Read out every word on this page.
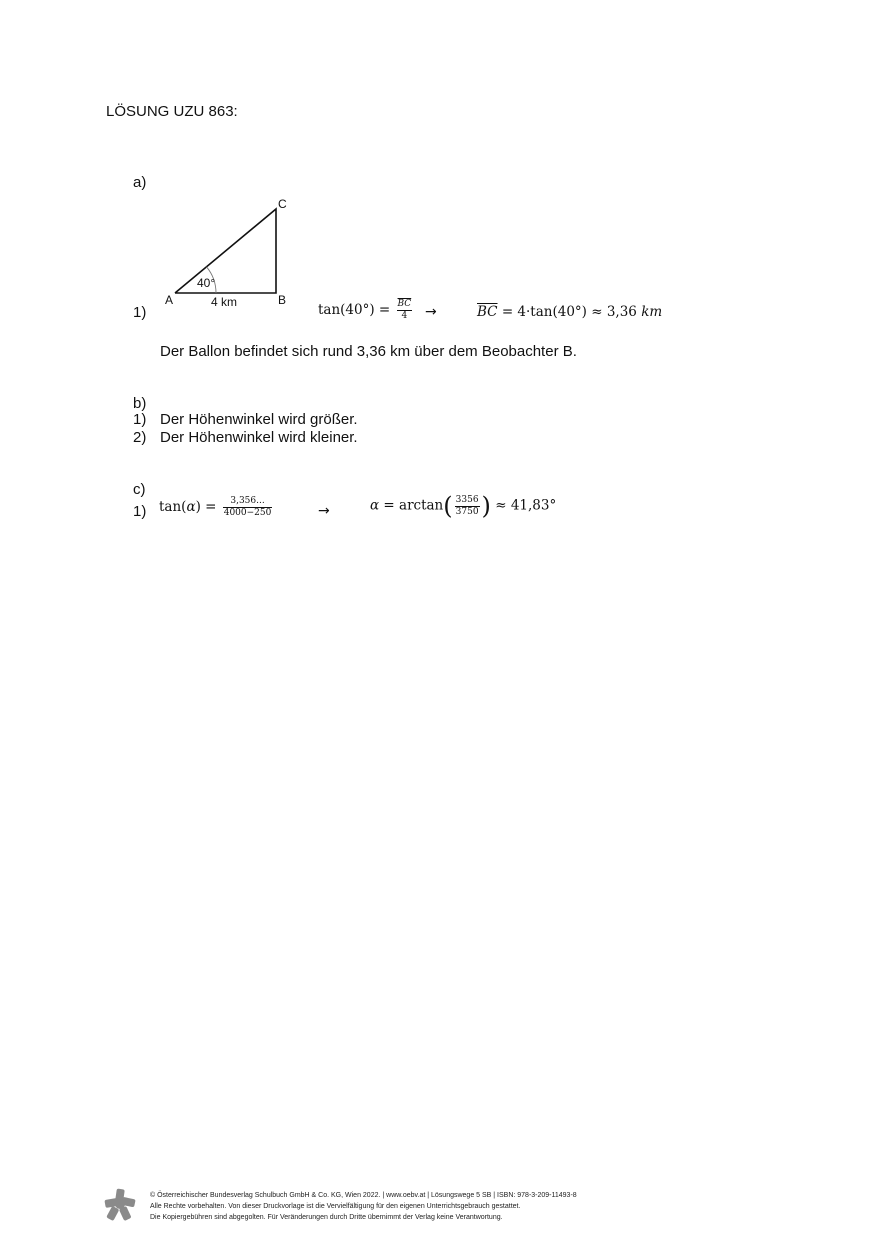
LÖSUNG UZU 863:
a)
A	B
C
40°
4 km
1)	$\tan(40^\circ) = \frac{\overline{BC}}{4}$ →	$\overline{BC} = 4\cdot\tan(40^\circ) \approx 3,36$ km
Der Ballon befindet sich rund 3,36 km über dem Beobachter B.
b)
1) Der Höhenwinkel wird größer.
2) Der Höhenwinkel wird kleiner.
c)
1) $\tan(\alpha) = \frac{3,356...}{4000-250}$	→	$\alpha = \arctan( \frac{3356}{3750}$ ) ≈ 41,83°
© Österreichischer Bundesverlag Schulbuch GmbH & Co. KG, Wien 2022. | www.oebv.at | Lösungswege 5 SB | ISBN: 978-3-209-11493-8
Alle Rechte vorbehalten. Von dieser Druckvorlage ist die Vervielfältigung für den eigenen Unterrichtsgebrauch gestattet.
Die Kopiergebühren sind abgegolten. Für Veränderungen durch Dritte übernimmt der Verlag keine Verantwortung.
